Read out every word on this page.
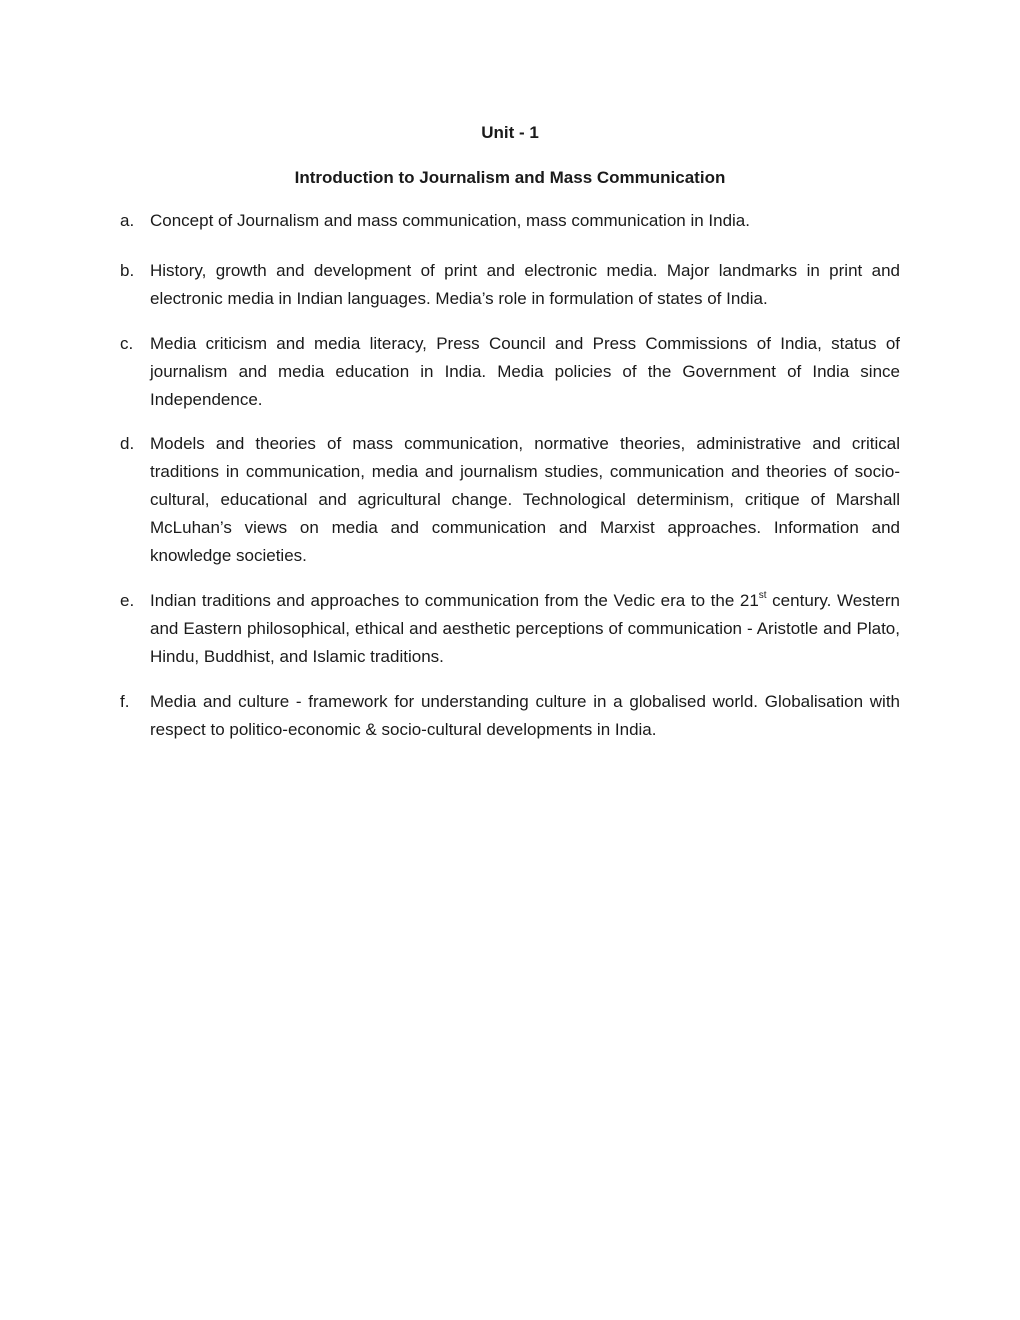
Unit - 1
Introduction to Journalism and Mass Communication
a. Concept of Journalism and mass communication, mass communication in India.
b. History, growth and development of print and electronic media. Major landmarks in print and electronic media in Indian languages. Media’s role in formulation of states of India.
c. Media criticism and media literacy, Press Council and Press Commissions of India, status of journalism and media education in India. Media policies of the Government of India since Independence.
d. Models and theories of mass communication, normative theories, administrative and critical traditions in communication, media and journalism studies, communication and theories of socio-cultural, educational and agricultural change. Technological determinism, critique of Marshall McLuhan’s views on media and communication and Marxist approaches. Information and knowledge societies.
e. Indian traditions and approaches to communication from the Vedic era to the 21st century. Western and Eastern philosophical, ethical and aesthetic perceptions of communication - Aristotle and Plato, Hindu, Buddhist, and Islamic traditions.
f.	Media and culture - framework for understanding culture in a globalised world. Globalisation with respect to politico-economic & socio-cultural developments in India.
